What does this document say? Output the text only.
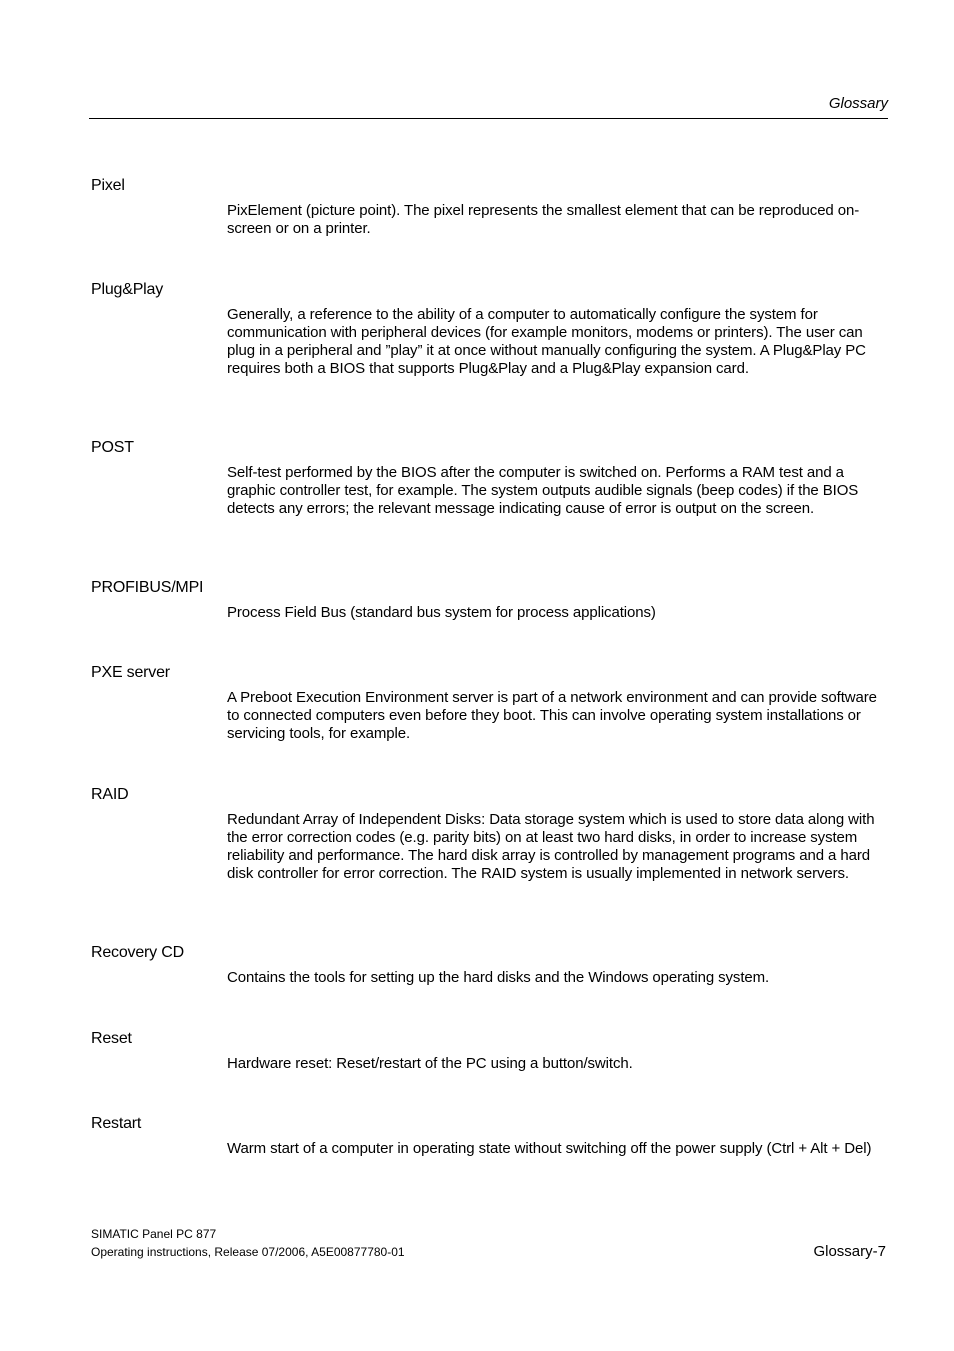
Glossary
Pixel
PixElement (picture point). The pixel represents the smallest element that can be reproduced on-screen or on a printer.
Plug&Play
Generally, a reference to the ability of a computer to automatically configure the system for communication with peripheral devices (for example monitors, modems or printers). The user can plug in a peripheral and ”play” it at once without manually configuring the system. A Plug&Play PC requires both a BIOS that supports Plug&Play and a Plug&Play expansion card.
POST
Self-test performed by the BIOS after the computer is switched on. Performs a RAM test and a graphic controller test, for example. The system outputs audible signals (beep codes) if the BIOS detects any errors; the relevant message indicating cause of error is output on the screen.
PROFIBUS/MPI
Process Field Bus (standard bus system for process applications)
PXE server
A Preboot Execution Environment server is part of a network environment and can provide software to connected computers even before they boot. This can involve operating system installations or servicing tools, for example.
RAID
Redundant Array of Independent Disks: Data storage system which is used to store data along with the error correction codes (e.g. parity bits) on at least two hard disks, in order to increase system reliability and performance. The hard disk array is controlled by management programs and a hard disk controller for error correction. The RAID system is usually implemented in network servers.
Recovery CD
Contains the tools for setting up the hard disks and the Windows operating system.
Reset
Hardware reset: Reset/restart of the PC using a button/switch.
Restart
Warm start of a computer in operating state without switching off the power supply (Ctrl + Alt + Del)
SIMATIC Panel PC 877
Operating instructions, Release 07/2006, A5E00877780-01	Glossary-7
